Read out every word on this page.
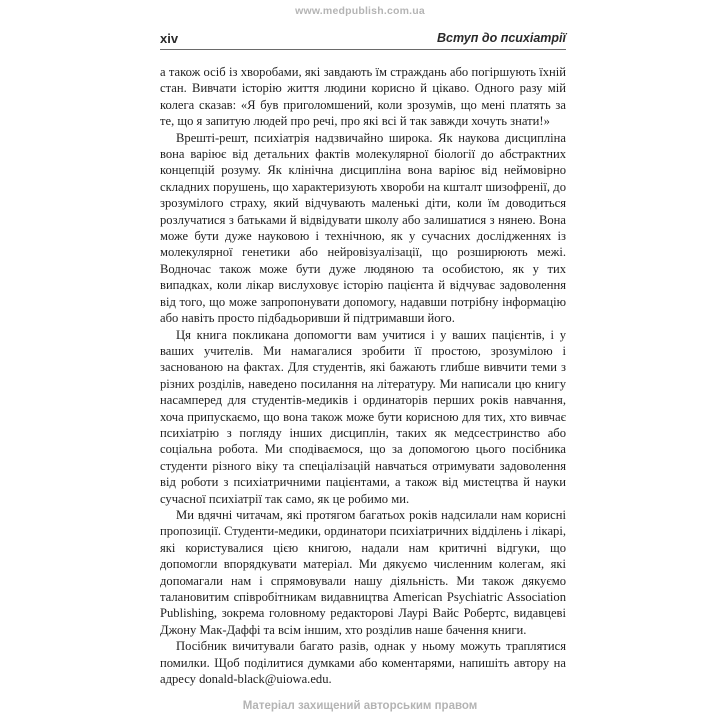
www.medpublish.com.ua
xiv	Вступ до психіатрії

а також осіб із хворобами, які завдають їм страждань або погіршують їхній стан. Вивчати історію життя людини корисно й цікаво. Одного разу мій колега сказав: «Я був приголомшений, коли зрозумів, що мені платять за те, що я запитую людей про речі, про які всі й так завжди хочуть знати!»

Врешті-решт, психіатрія надзвичайно широка. Як наукова дисципліна вона варіює від детальних фактів молекулярної біології до абстрактних концепцій розуму. Як клінічна дисципліна вона варіює від неймовірно складних порушень, що характеризують хвороби на кшталт шизофренії, до зрозумілого страху, який відчувають маленькі діти, коли їм доводиться розлучатися з батьками й відвідувати школу або залишатися з нянею. Вона може бути дуже науковою і технічною, як у сучасних дослідженнях із молекулярної генетики або нейровізуалізації, що розширюють межі. Водночас також може бути дуже людяною та особистою, як у тих випадках, коли лікар вислуховує історію пацієнта й відчуває задоволення від того, що може запропонувати допомогу, надавши потрібну інформацію або навіть просто підбадьоривши й підтримавши його.

Ця книга покликана допомогти вам учитися і у ваших пацієнтів, і у ваших учителів. Ми намагалися зробити її простою, зрозумілою і заснованою на фактах. Для студентів, які бажають глибше вивчити теми з різних розділів, наведено посилання на літературу. Ми написали цю книгу насамперед для студентів-медиків і ординаторів перших років навчання, хоча припускаємо, що вона також може бути корисною для тих, хто вивчає психіатрію з погляду інших дисциплін, таких як медсестринство або соціальна робота. Ми сподіваємося, що за допомогою цього посібника студенти різного віку та спеціалізацій навчаться отримувати задоволення від роботи з психіатричними пацієнтами, а також від мистецтва й науки сучасної психіатрії так само, як це робимо ми.

Ми вдячні читачам, які протягом багатьох років надсилали нам корисні пропозиції. Студенти-медики, ординатори психіатричних відділень і лікарі, які користувалися цією книгою, надали нам критичні відгуки, що допомогли впорядкувати матеріал. Ми дякуємо численним колегам, які допомагали нам і спрямовували нашу діяльність. Ми також дякуємо талановитим співробітникам видавництва American Psychiatric Association Publishing, зокрема головному редакторові Лаурі Вайс Робертс, видавцеві Джону Мак-Даффі та всім іншим, хто розділив наше бачення книги.

Посібник вичитували багато разів, однак у ньому можуть траплятися помилки. Щоб поділитися думками або коментарями, напишіть автору на адресу donald-black@uiowa.edu.

Матеріал захищений авторським правом
